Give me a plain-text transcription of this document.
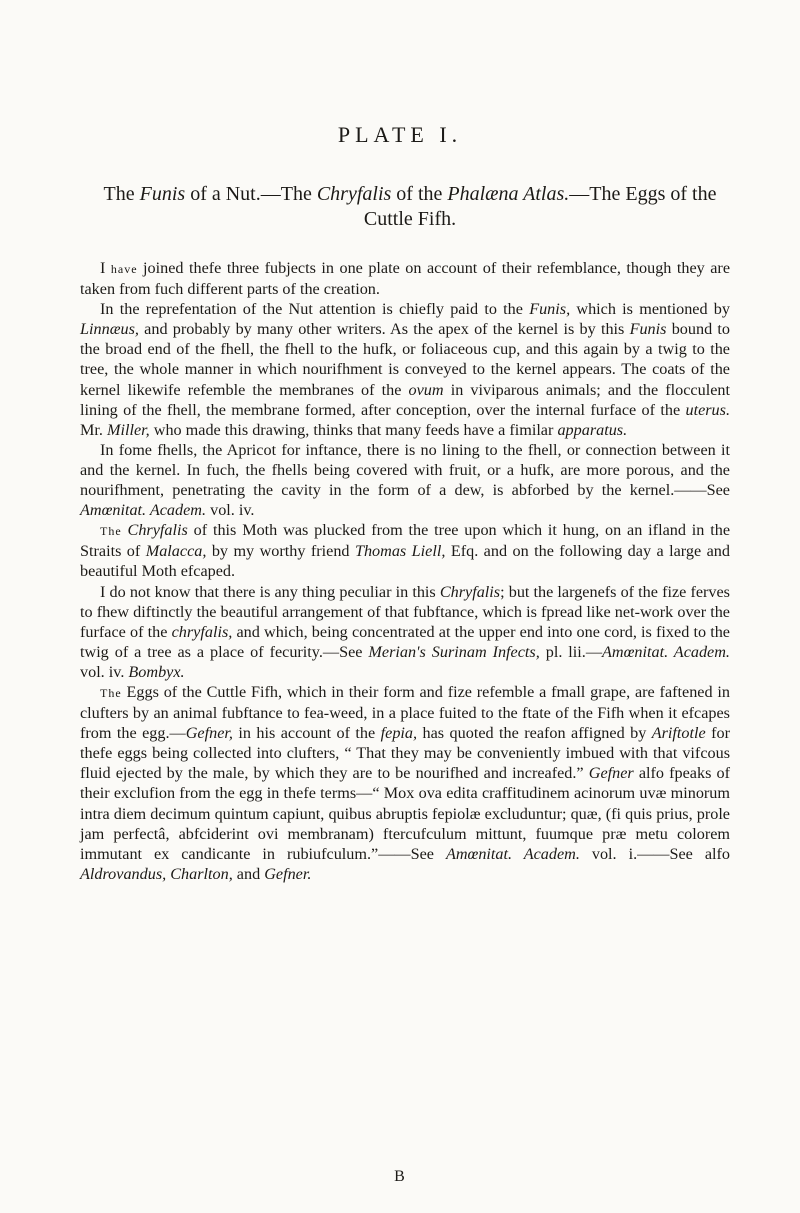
PLATE I.
The Funis of a Nut.—The Chryfalis of the Phalæna Atlas.—The Eggs of the Cuttle Fifh.

I have joined thefe three fubjects in one plate on account of their refemblance, though they are taken from fuch different parts of the creation.

In the reprefentation of the Nut attention is chiefly paid to the Funis, which is mentioned by Linnæus, and probably by many other writers. As the apex of the kernel is by this Funis bound to the broad end of the fhell, the fhell to the hufk, or foliaceous cup, and this again by a twig to the tree, the whole manner in which nourifhment is conveyed to the kernel appears. The coats of the kernel likewife refemble the membranes of the ovum in viviparous animals; and the flocculent lining of the fhell, the membrane formed, after conception, over the internal furface of the uterus. Mr. Miller, who made this drawing, thinks that many feeds have a fimilar apparatus.

In fome fhells, the Apricot for inftance, there is no lining to the fhell, or connection between it and the kernel. In fuch, the fhells being covered with fruit, or a hufk, are more porous, and the nourifhment, penetrating the cavity in the form of a dew, is abforbed by the kernel.——See Amœnitat. Academ. vol. iv.

The Chryfalis of this Moth was plucked from the tree upon which it hung, on an ifland in the Straits of Malacca, by my worthy friend Thomas Liell, Efq. and on the following day a large and beautiful Moth efcaped.

I do not know that there is any thing peculiar in this Chryfalis; but the largenefs of the fize ferves to fhew diftinctly the beautiful arrangement of that fubftance, which is fpread like net-work over the furface of the chryfalis, and which, being concentrated at the upper end into one cord, is fixed to the twig of a tree as a place of fecurity.—See Merian's Surinam Infects, pl. lii.—Amœnitat. Academ. vol. iv. Bombyx.

The Eggs of the Cuttle Fifh, which in their form and fize refemble a fmall grape, are faftened in clufters by an animal fubftance to fea-weed, in a place fuited to the ftate of the Fifh when it efcapes from the egg.—Gefner, in his account of the fepia, has quoted the reafon affigned by Ariftotle for thefe eggs being collected into clufters, “ That they may be conveniently imbued with that vifcous fluid ejected by the male, by which they are to be nourifhed and increafed.” Gefner alfo fpeaks of their exclufion from the egg in thefe terms—“ Mox ova edita craffitudinem acinorum uvæ minorum intra diem decimum quintum capiunt, quibus abruptis fepiolæ excluduntur; quæ, (fi quis prius, prole jam perfectâ, abfciderint ovi membranam) ftercufculum mittunt, fuumque præ metu colorem immutant ex candicante in rubiufculum.”——See Amœnitat. Academ. vol. i.——See alfo Aldrovandus, Charlton, and Gefner.

B
